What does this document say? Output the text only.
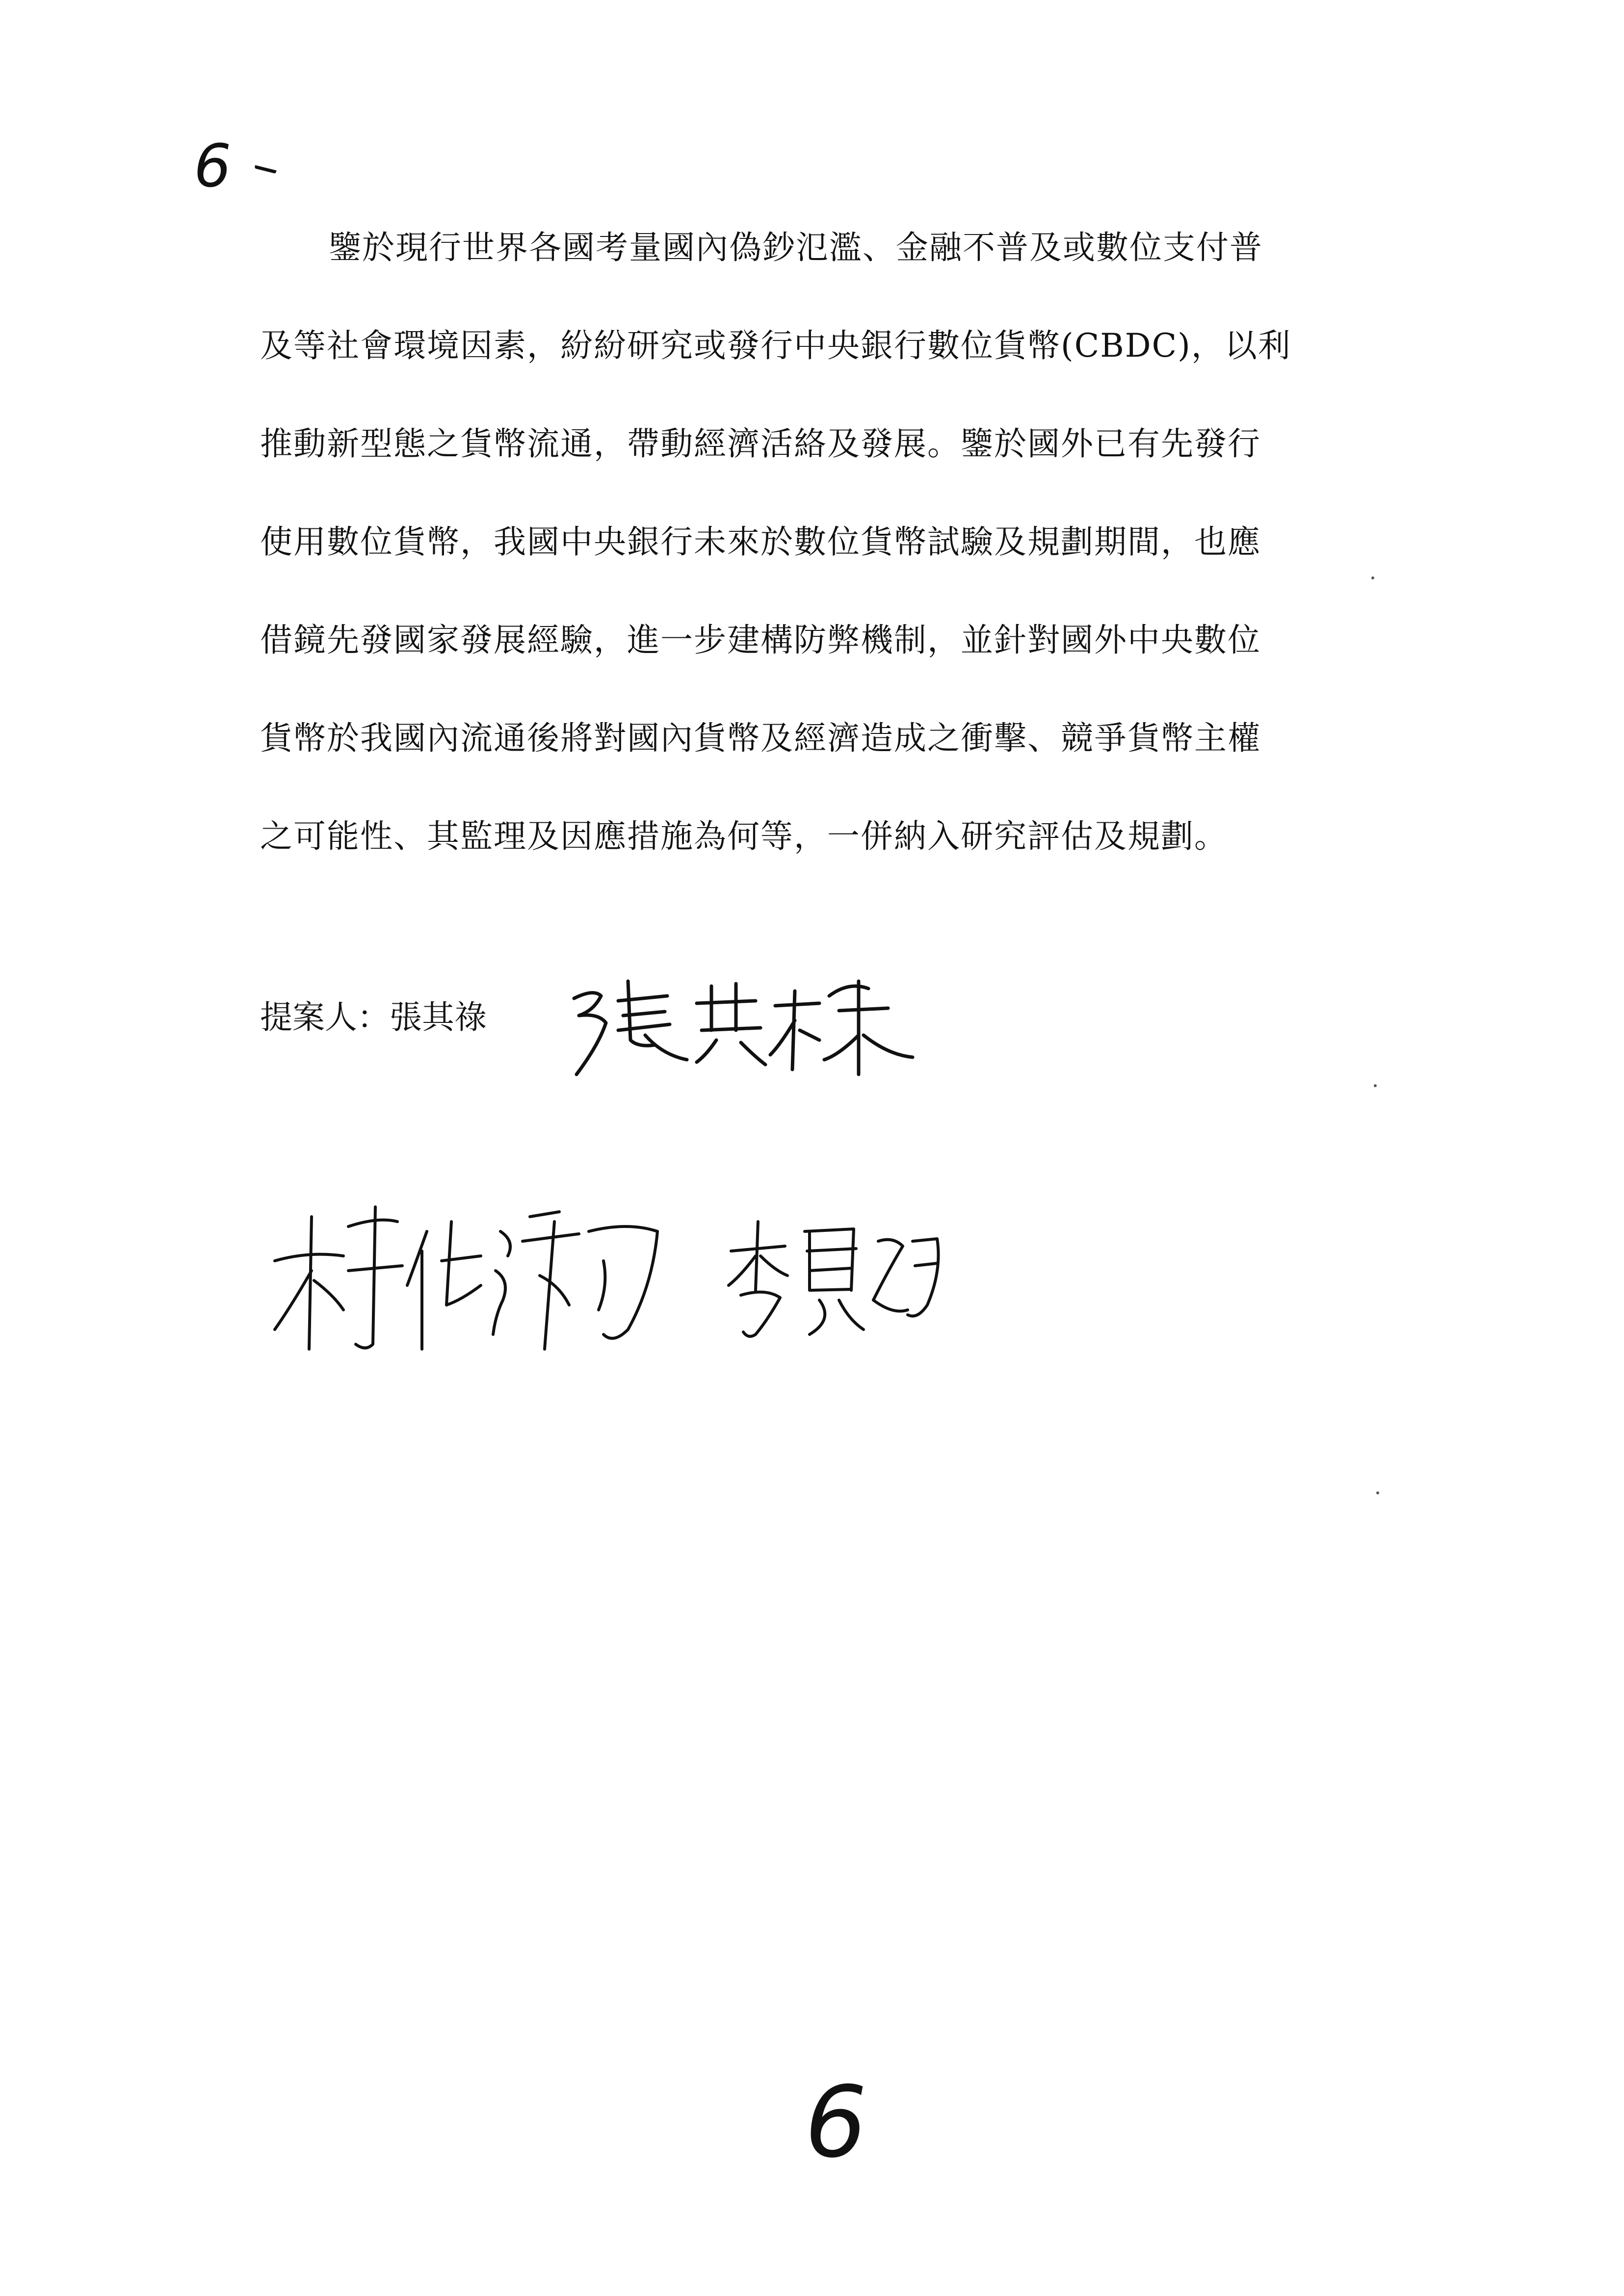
6
鑒於現行世界各國考量國內偽鈔氾濫、金融不普及或數位支付普
及等社會環境因素，紛紛研究或發行中央銀行數位貨幣(CBDC)，以利
推動新型態之貨幣流通，帶動經濟活絡及發展。鑒於國外已有先發行
使用數位貨幣，我國中央銀行未來於數位貨幣試驗及規劃期間，也應
借鏡先發國家發展經驗，進一步建構防弊機制，並針對國外中央數位
貨幣於我國內流通後將對國內貨幣及經濟造成之衝擊、競爭貨幣主權
之可能性、其監理及因應措施為何等，一併納入研究評估及規劃。
提案人：張其祿
6
